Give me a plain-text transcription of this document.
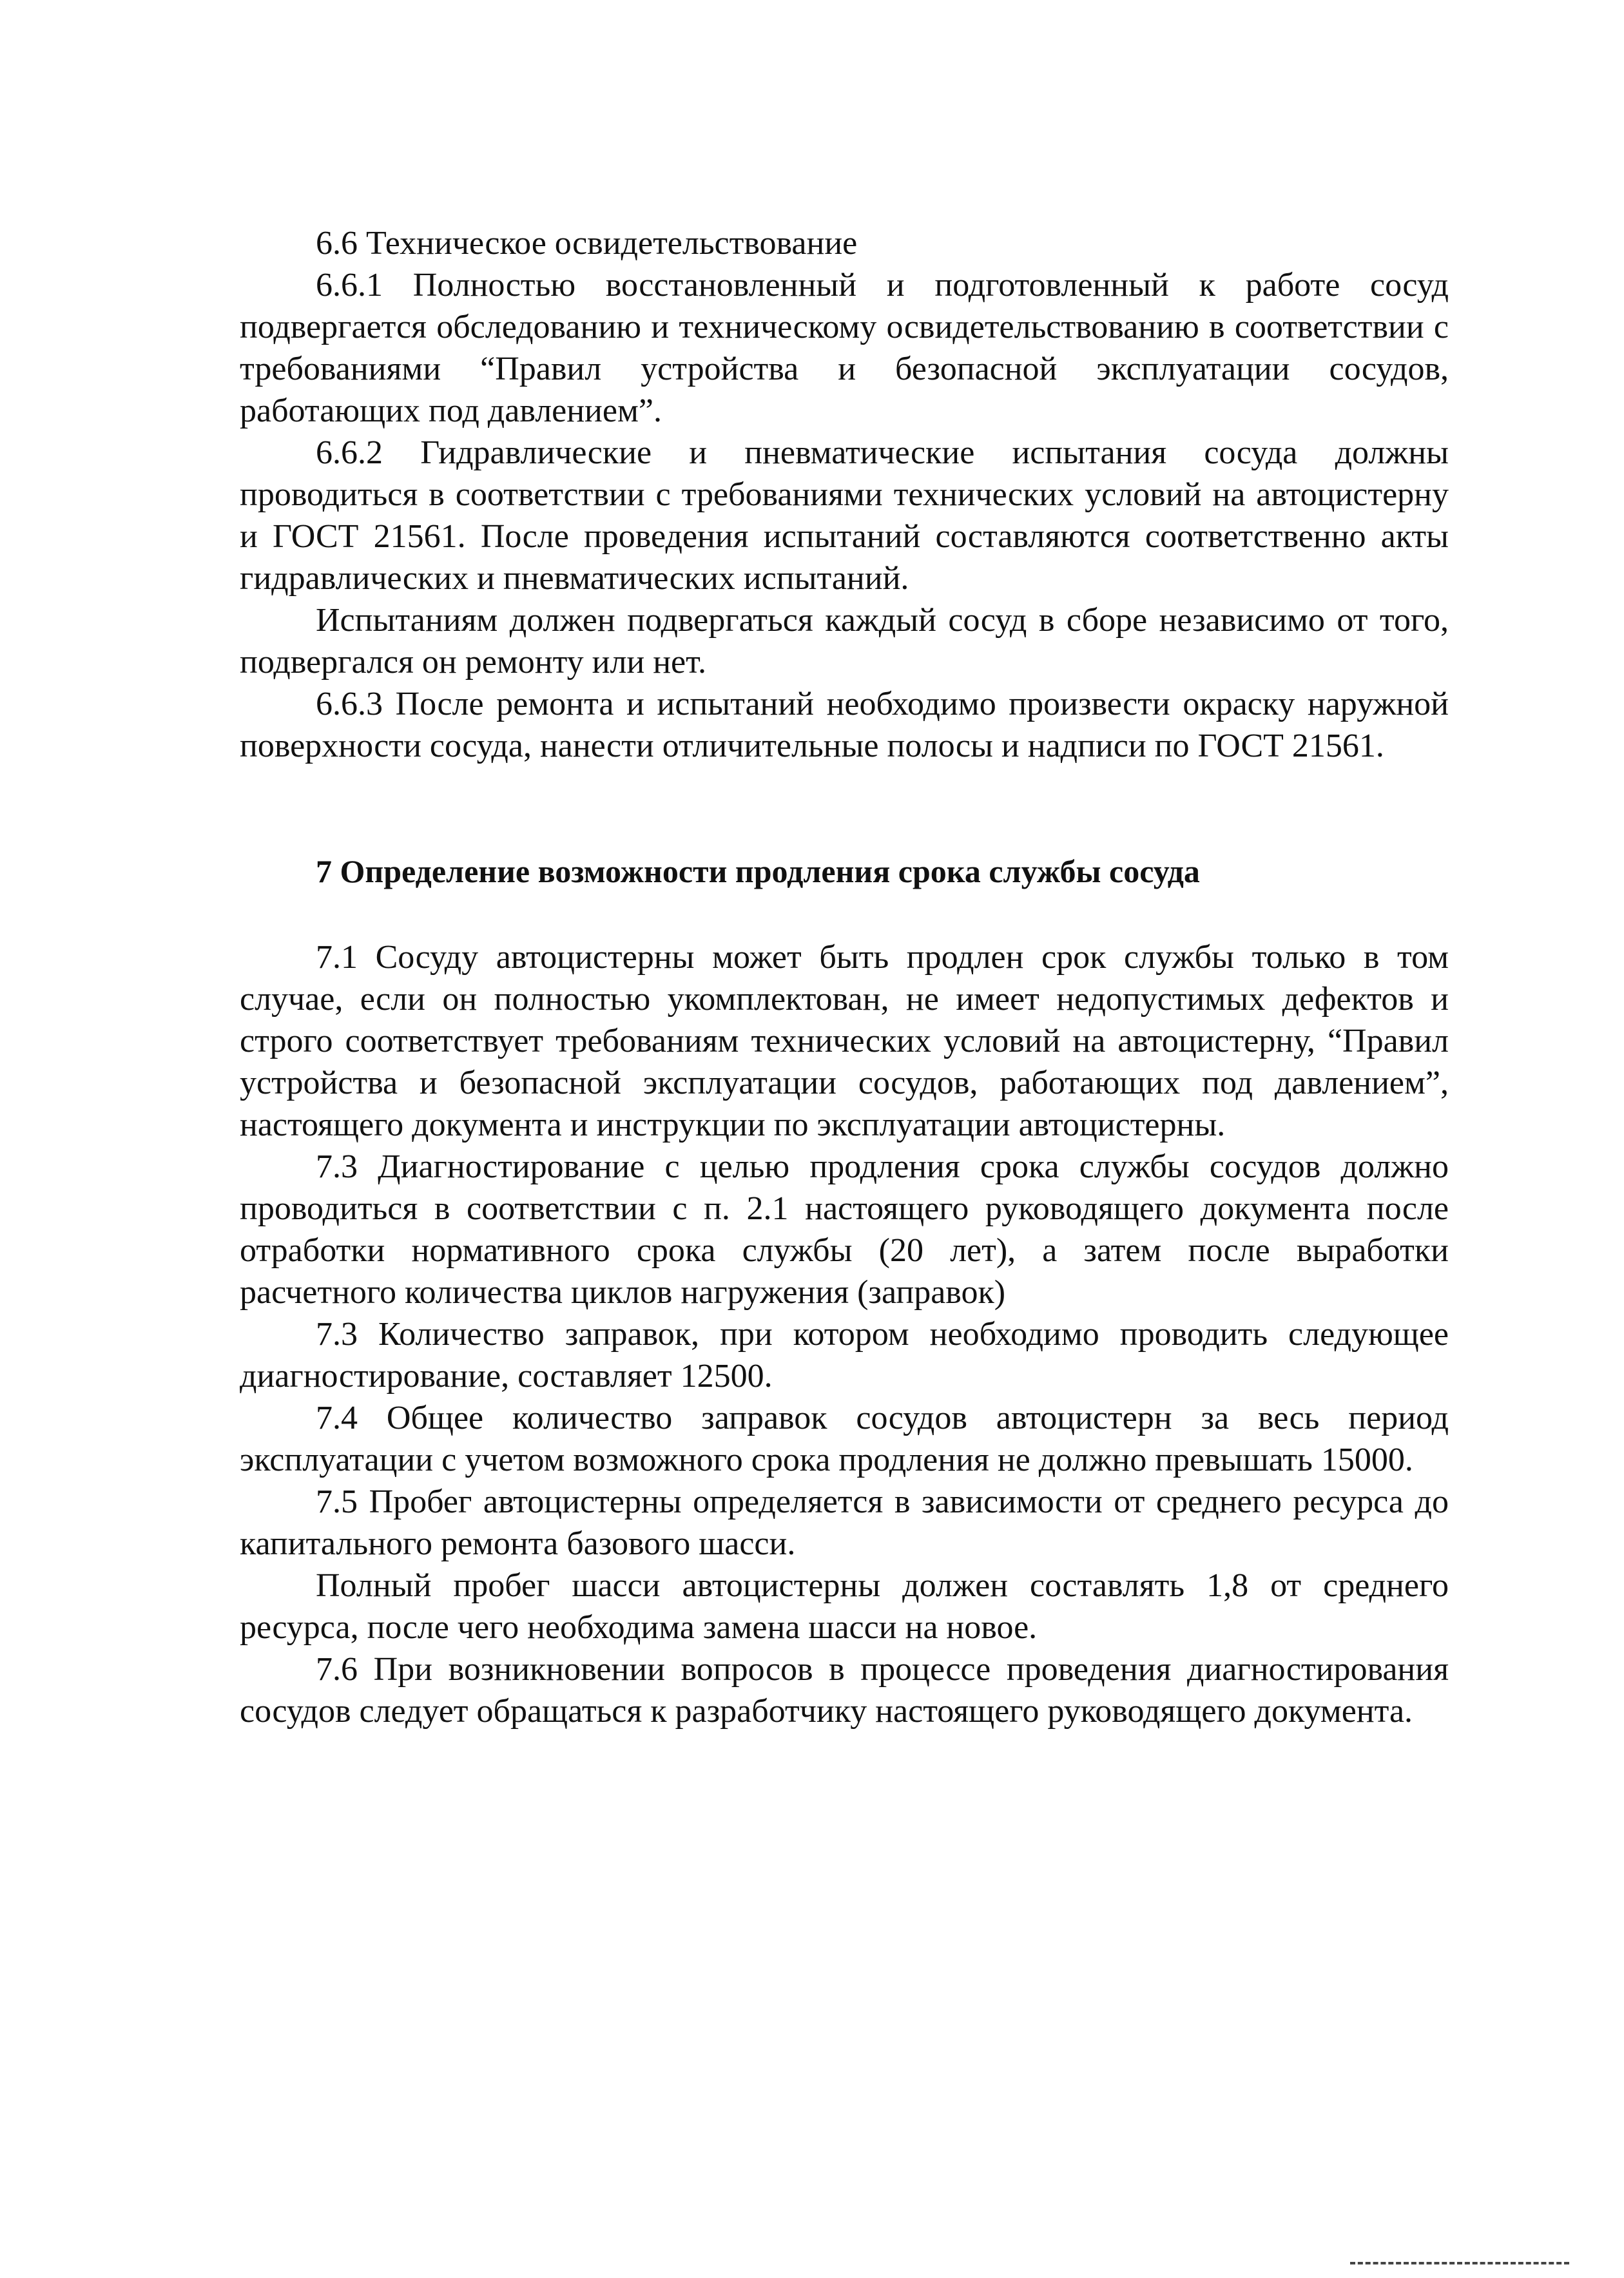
6.6 Техническое освидетельствование

6.6.1 Полностью восстановленный и подготовленный к работе сосуд подвергается обследованию и техническому освидетельствованию в соответствии с требованиями “Правил устройства и безопасной эксплуатации сосудов, работающих под давлением”.

6.6.2 Гидравлические и пневматические испытания сосуда должны проводиться в соответствии с требованиями технических условий на автоцистерну и ГОСТ 21561. После проведения испытаний составляются соответственно акты гидравлических и пневматических испытаний.

Испытаниям должен подвергаться каждый сосуд в сборе независимо от того, подвергался он ремонту или нет.

6.6.3 После ремонта и испытаний необходимо произвести окраску наружной поверхности сосуда, нанести отличительные полосы и надписи по ГОСТ 21561.

7 Определение возможности продления срока службы сосуда

7.1 Сосуду автоцистерны может быть продлен срок службы только в том случае, если он полностью укомплектован, не имеет недопустимых дефектов и строго соответствует требованиям технических условий на автоцистерну, “Правил устройства и безопасной эксплуатации сосудов, работающих под давлением”, настоящего документа и инструкции по эксплуатации автоцистерны.

7.3 Диагностирование с целью продления срока службы сосудов должно проводиться в соответствии с п. 2.1 настоящего руководящего документа после отработки нормативного срока службы (20 лет), а затем после выработки расчетного количества циклов нагружения (заправок)

7.3 Количество заправок, при котором необходимо проводить следующее диагностирование, составляет 12500.

7.4 Общее количество заправок сосудов автоцистерн за весь период эксплуатации с учетом возможного срока продления не должно превышать 15000.

7.5 Пробег автоцистерны определяется в зависимости от среднего ресурса до капитального ремонта базового шасси.

Полный пробег шасси автоцистерны должен составлять 1,8 от среднего ресурса, после чего необходима замена шасси на новое.

7.6 При возникновении вопросов в процессе проведения диагностирования сосудов следует обращаться к разработчику настоящего руководящего документа.
